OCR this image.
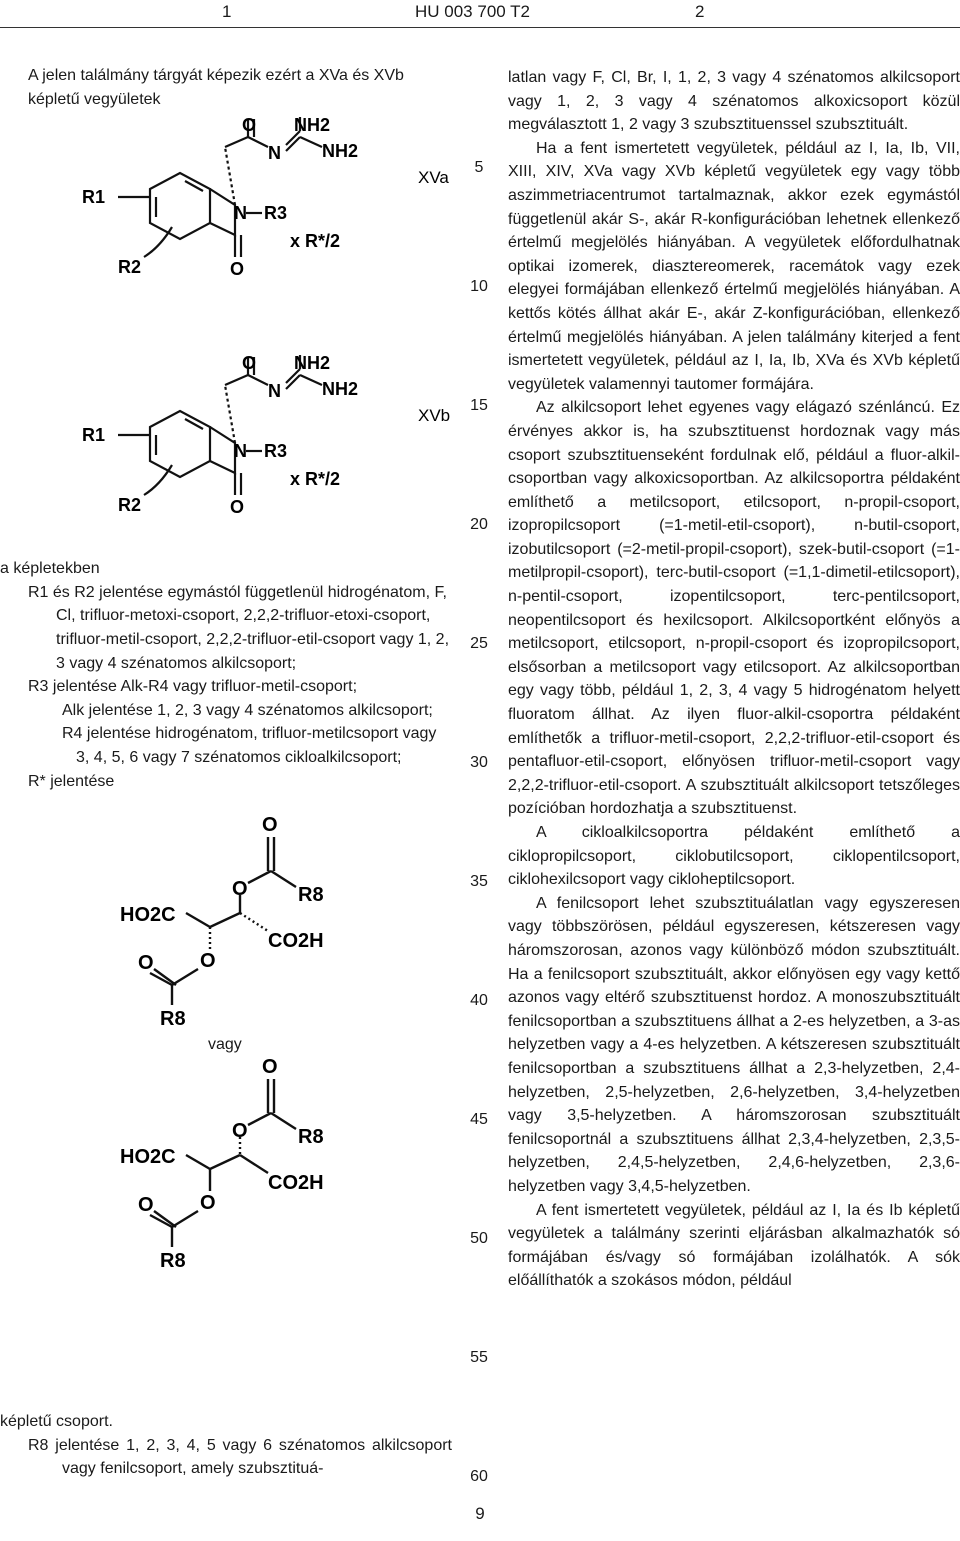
1	HU 003 700 T2	2

A jelen találmány tárgyát képezik ezért a XVa és XVb képletű vegyületek

O NH2
N NH2
N R3
O
R1
R2
x R*/2
XVa
O NH2
N NH2
N R3
O
R1
R2
x R*/2
XVb

a képletekben

R1 és R2 jelentése egymástól függetlenül hidrogénatom, F, Cl, trifluor-metoxi-csoport, 2,2,2-trifluor-etoxi-csoport, trifluor-metil-csoport, 2,2,2-trifluor-etil-csoport vagy 1, 2, 3 vagy 4 szénatomos alkilcsoport;

R3 jelentése Alk-R4 vagy trifluor-metil-csoport;

Alk jelentése 1, 2, 3 vagy 4 szénatomos alkilcsoport;

R4 jelentése hidrogénatom, trifluor-metilcsoport vagy 3, 4, 5, 6 vagy 7 szénatomos cikloalkilcsoport;

R* jelentése

O
O	R8
HO2C
CO2H
O
O
R8

vagy

O
O	R8
HO2C
CO2H
O
O
R8

képletű csoport.

R8 jelentése 1, 2, 3, 4, 5 vagy 6 szénatomos alkilcsoport vagy fenilcsoport, amely szubsztituá-

5
10
15
20
25
30
35
40
45
50
55
60

latlan vagy F, Cl, Br, I, 1, 2, 3 vagy 4 szénatomos alkilcsoport vagy 1, 2, 3 vagy 4 szénatomos alkoxicsoport közül megválasztott 1, 2 vagy 3 szubsztituenssel szubsztituált.

Ha a fent ismertetett vegyületek, például az I, Ia, Ib, VII, XIII, XIV, XVa vagy XVb képletű vegyületek egy vagy több aszimmetriacentrumot tartalmaznak, akkor ezek egymástól függetlenül akár S-, akár R-konfigurációban lehetnek ellenkező értelmű megjelölés hiányában. A vegyületek előfordulhatnak optikai izomerek, diasztereomerek, racemátok vagy ezek elegyei formájában ellenkező értelmű megjelölés hiányában. A kettős kötés állhat akár E-, akár Z-konfigurációban, ellenkező értelmű megjelölés hiányában. A jelen találmány kiterjed a fent ismertetett vegyületek, például az I, Ia, Ib, XVa és XVb képletű vegyületek valamennyi tautomer formájára.

Az alkilcsoport lehet egyenes vagy elágazó szénláncú. Ez érvényes akkor is, ha szubsztituenst hordoznak vagy más csoport szubsztituenseként fordulnak elő, például a fluor-alkil-csoportban vagy alkoxicsoportban. Az alkilcsoportra példaként említhető a metilcsoport, etilcsoport, n-propil-csoport, izopropilcsoport (=1-metil-etil-csoport), n-butil-csoport, izobutilcsoport (=2-metil-propil-csoport), szek-butil-csoport (=1-metilpropil-csoport), terc-butil-csoport (=1,1-dimetil-etilcsoport), n-pentil-csoport, izopentilcsoport, terc-pentilcsoport, neopentilcsoport és hexilcsoport. Alkilcsoportként előnyös a metilcsoport, etilcsoport, n-propil-csoport és izopropilcsoport, elsősorban a metilcsoport vagy etilcsoport. Az alkilcsoportban egy vagy több, például 1, 2, 3, 4 vagy 5 hidrogénatom helyett fluoratom állhat. Az ilyen fluor-alkil-csoportra példaként említhetők a trifluor-metil-csoport, 2,2,2-trifluor-etil-csoport és pentafluor-etil-csoport, előnyösen trifluor-metil-csoport vagy 2,2,2-trifluor-etil-csoport. A szubsztituált alkilcsoport tetszőleges pozícióban hordozhatja a szubsztituenst.

A cikloalkilcsoportra példaként említhető a ciklopropilcsoport, ciklobutilcsoport, ciklopentilcsoport, ciklohexilcsoport vagy cikloheptilcsoport.

A fenilcsoport lehet szubsztituálatlan vagy egyszeresen vagy többszörösen, például egyszeresen, kétszeresen vagy háromszorosan, azonos vagy különböző módon szubsztituált. Ha a fenilcsoport szubsztituált, akkor előnyösen egy vagy kettő azonos vagy eltérő szubsztituenst hordoz. A monoszubsztituált fenilcsoportban a szubsztituens állhat a 2-es helyzetben, a 3-as helyzetben vagy a 4-es helyzetben. A kétszeresen szubsztituált fenilcsoportban a szubsztituens állhat a 2,3-helyzetben, 2,4-helyzetben, 2,5-helyzetben, 2,6-helyzetben, 3,4-helyzetben vagy 3,5-helyzetben. A háromszorosan szubsztituált fenilcsoportnál a szubsztituens állhat 2,3,4-helyzetben, 2,3,5-helyzetben, 2,4,5-helyzetben, 2,4,6-helyzetben, 2,3,6-helyzetben vagy 3,4,5-helyzetben.

A fent ismertetett vegyületek, például az I, Ia és Ib képletű vegyületek a találmány szerinti eljárásban alkalmazhatók só formájában és/vagy só formájában izolálhatók. A sók előállíthatók a szokásos módon, például

9
